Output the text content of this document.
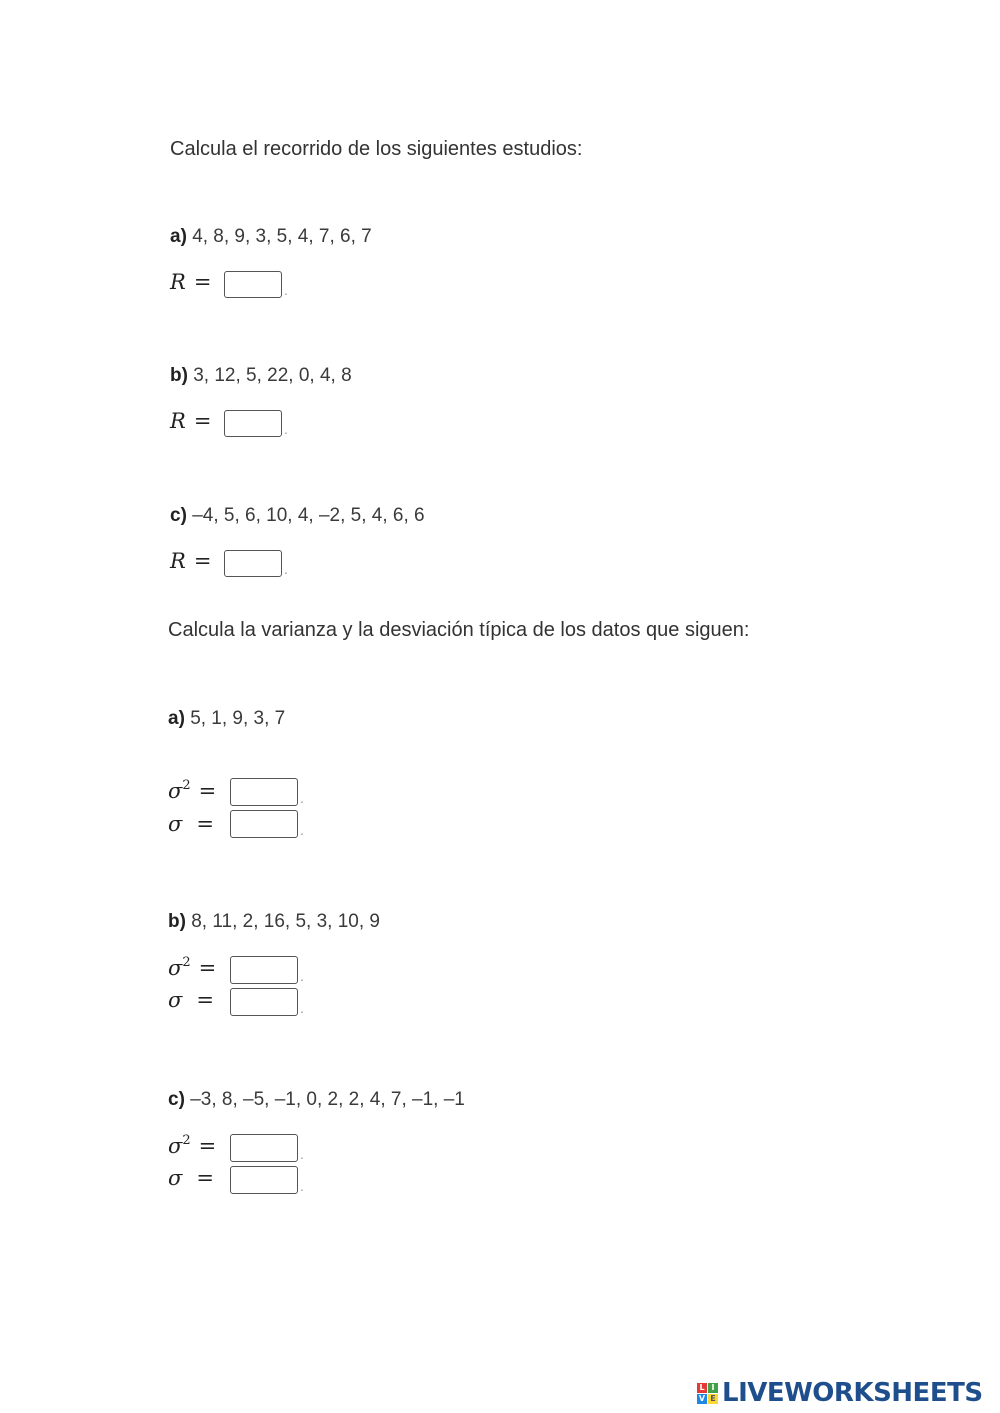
Calcula el recorrido de los siguientes estudios:
a) 4, 8, 9, 3, 5, 4, 7, 6, 7
R =	.
b) 3, 12, 5, 22, 0, 4, 8
R =	.
c) –4, 5, 6, 10, 4, –2, 5, 4, 6, 6
R =	.
Calcula la varianza y la desviación típica de los datos que siguen:
a) 5, 1, 9, 3, 7
$\sigma^2$ =	.
σ =	.
b) 8, 11, 2, 16, 5, 3, 10, 9
$\sigma^2$ =	.
σ =	.
c) –3, 8, –5, –1, 0, 2, 2, 4, 7, –1, –1
$\sigma^2$ =	.
σ =	.
L I
V E LIVEWORKSHEETS
